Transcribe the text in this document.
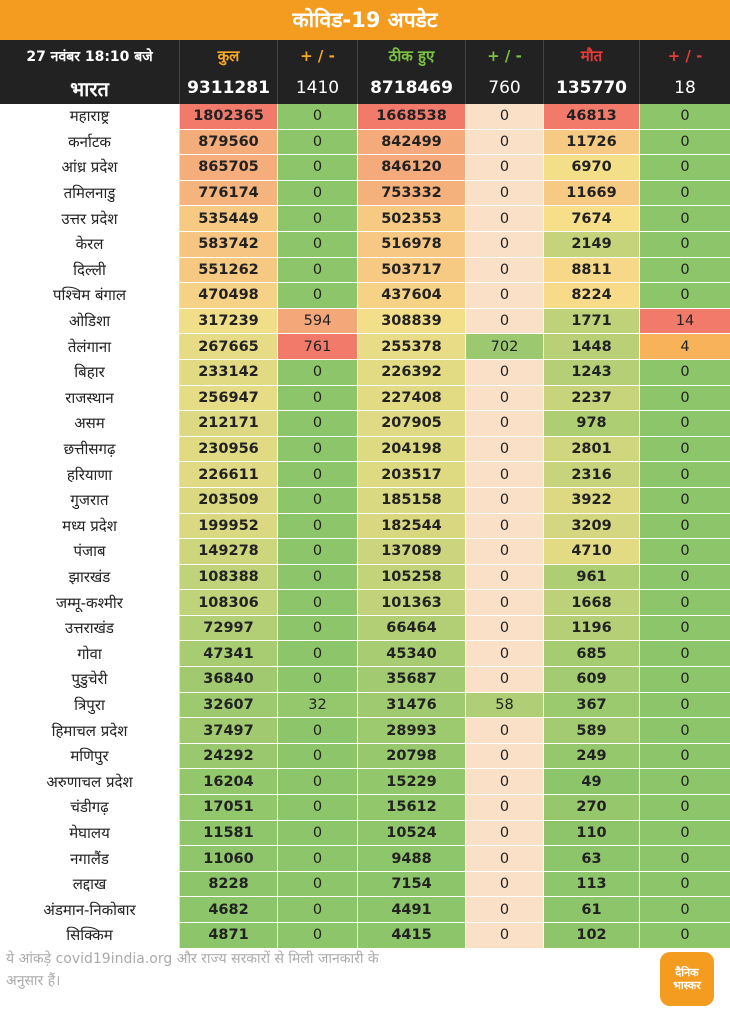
कोविड-19 अपडेट
27 नवंबर 18:10 बजे	कुल	+ / -	ठीक हुए	+ / -	मौत	+ / -
भारत	9311281	1410	8718469	760	135770	18
महाराष्ट्र	1802365	0	1668538	0	46813	0
कर्नाटक	879560	0	842499	0	11726	0
आंध्र प्रदेश	865705	0	846120	0	6970	0
तमिलनाडु	776174	0	753332	0	11669	0
उत्तर प्रदेश	535449	0	502353	0	7674	0
केरल	583742	0	516978	0	2149	0
दिल्ली	551262	0	503717	0	8811	0
पश्चिम बंगाल	470498	0	437604	0	8224	0
ओडिशा	317239	594	308839	0	1771	14
तेलंगाना	267665	761	255378	702	1448	4
बिहार	233142	0	226392	0	1243	0
राजस्थान	256947	0	227408	0	2237	0
असम	212171	0	207905	0	978	0
छत्तीसगढ़	230956	0	204198	0	2801	0
हरियाणा	226611	0	203517	0	2316	0
गुजरात	203509	0	185158	0	3922	0
मध्य प्रदेश	199952	0	182544	0	3209	0
पंजाब	149278	0	137089	0	4710	0
झारखंड	108388	0	105258	0	961	0
जम्मू-कश्मीर	108306	0	101363	0	1668	0
उत्तराखंड	72997	0	66464	0	1196	0
गोवा	47341	0	45340	0	685	0
पुडुचेरी	36840	0	35687	0	609	0
त्रिपुरा	32607	32	31476	58	367	0
हिमाचल प्रदेश	37497	0	28993	0	589	0
मणिपुर	24292	0	20798	0	249	0
अरुणाचल प्रदेश	16204	0	15229	0	49	0
चंडीगढ़	17051	0	15612	0	270	0
मेघालय	11581	0	10524	0	110	0
नगालैंड	11060	0	9488	0	63	0
लद्दाख	8228	0	7154	0	113	0
अंडमान-निकोबार	4682	0	4491	0	61	0
सिक्किम	4871	0	4415	0	102	0
ये आंकड़े covid19india.org और राज्य सरकारों से मिली जानकारी के अनुसार हैं।
दैनिक भास्कर
